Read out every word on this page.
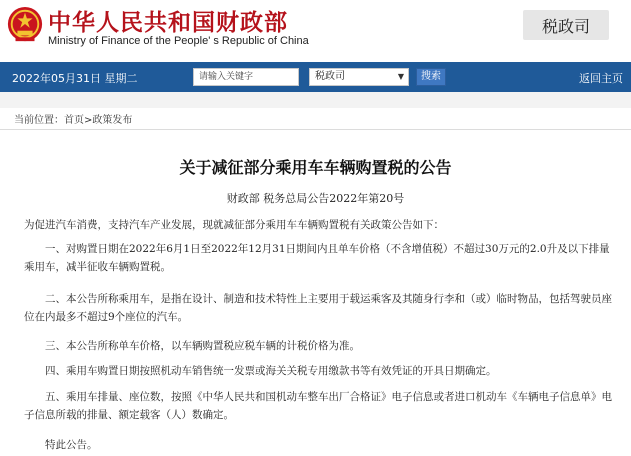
中华人民共和国财政部
Ministry of Finance of the People' s Republic of China
税政司
2022年05月31日 星期二	请输入关键字	税政司	▼	搜索	返回主页
当前位置：首页>政策发布
关于减征部分乘用车车辆购置税的公告
财政部 税务总局公告2022年第20号
为促进汽车消费，支持汽车产业发展，现就减征部分乘用车车辆购置税有关政策公告如下：
一、对购置日期在2022年6月1日至2022年12月31日期间内且单车价格（不含增值税）不超过30万元的2.0升及以下排量乘用车，减半征收车辆购置税。
二、本公告所称乘用车，是指在设计、制造和技术特性上主要用于载运乘客及其随身行李和（或）临时物品，包括驾驶员座位在内最多不超过9个座位的汽车。
三、本公告所称单车价格，以车辆购置税应税车辆的计税价格为准。
四、乘用车购置日期按照机动车销售统一发票或海关关税专用缴款书等有效凭证的开具日期确定。
五、乘用车排量、座位数，按照《中华人民共和国机动车整车出厂合格证》电子信息或者进口机动车《车辆电子信息单》电子信息所载的排量、额定载客（人）数确定。
特此公告。
